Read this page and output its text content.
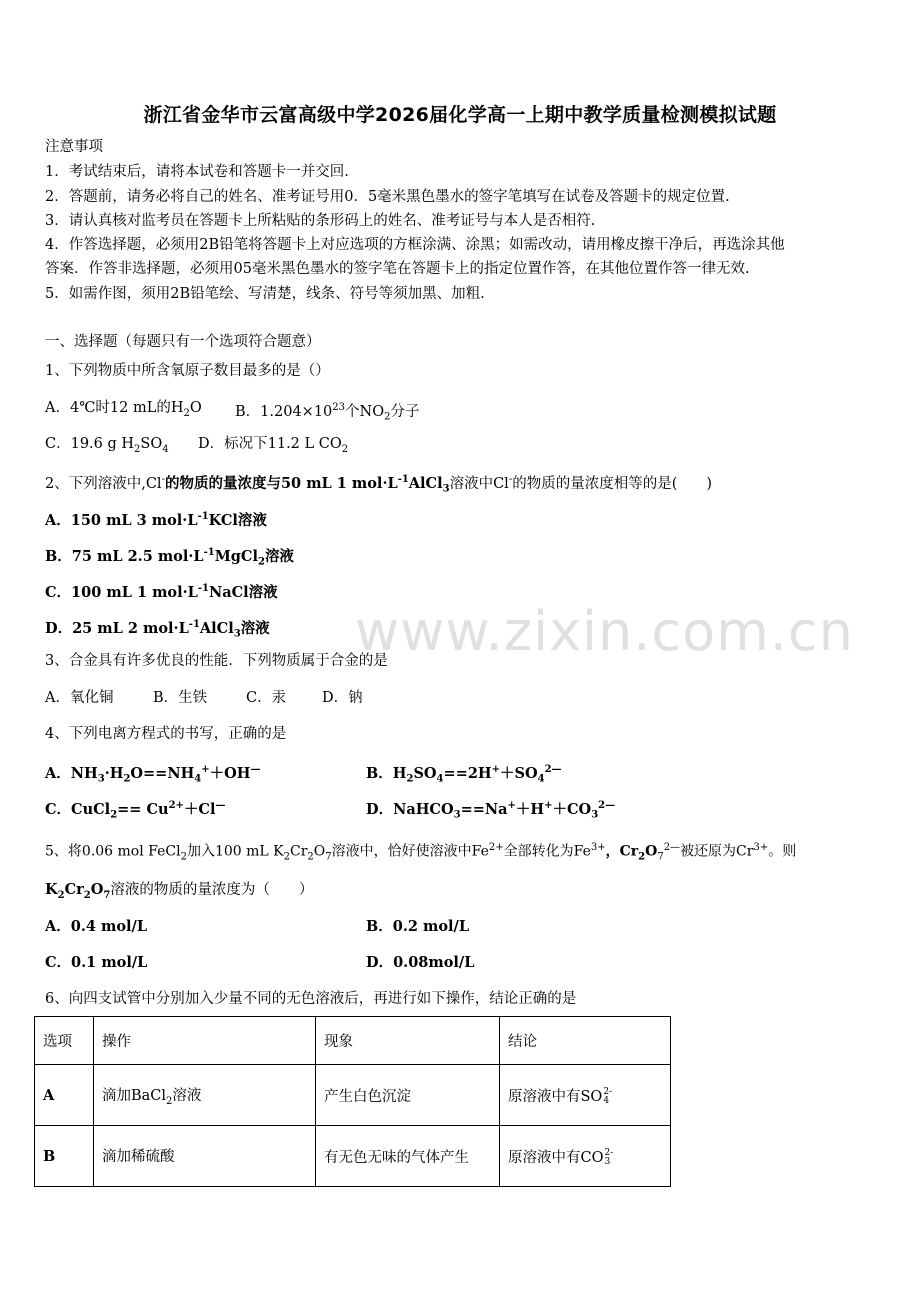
浙江省金华市云富高级中学2026届化学高一上期中教学质量检测模拟试题
注意事项
1．考试结束后，请将本试卷和答题卡一并交回.
2．答题前，请务必将自己的姓名、准考证号用0．5毫米黑色墨水的签字笔填写在试卷及答题卡的规定位置.
3．请认真核对监考员在答题卡上所粘贴的条形码上的姓名、准考证号与本人是否相符.
4．作答选择题，必须用2B铅笔将答题卡上对应选项的方框涂满、涂黑；如需改动，请用橡皮擦干净后，再选涂其他
答案．作答非选择题，必须用05毫米黑色墨水的签字笔在答题卡上的指定位置作答，在其他位置作答一律无效.
5．如需作图，须用2B铅笔绘、写清楚，线条、符号等须加黑、加粗.
一、选择题（每题只有一个选项符合题意）
www.zixin.com.cn
1、下列物质中所含氧原子数目最多的是（）
A．4℃时12 mL的$H_2O$ B．$1.204\times 10^{23}$个$NO_2$分子
C．19.6 g $H_2SO_4$ D．标况下11.2 L $CO_2$
2、下列溶液中,Cl-的物质的量浓度与50 mL 1 $mol\cdot L^{-1}AlCl_3$溶液中Cl-的物质的量浓度相等的是(　　)
A．150 mL 3 $mol\cdot L^{-1}KCl$溶液
B．75 mL 2.5 $mol\cdot L^{-1}MgCl_2$溶液
C．100 mL 1 $mol\cdot L^{-1}NaCl$溶液
D．25 mL 2 $mol\cdot L^{-1}AlCl_3$溶液
3、合金具有许多优良的性能．下列物质属于合金的是
A．氧化铜	B．生铁	C．汞 D．钠
4、下列电离方程式的书写，正确的是
A．$NH_3\cdot H_2O==NH_4^++OH^—$	B．$H_2SO_4==2H^++SO_4^{2—}$
C．CuCl$_2$== $Cu^{2+}+Cl^—$	D．$NaHCO_3==Na^++H^++CO_3^{2—}$
5、将0.06 mol FeCl$_2$加入100 mL $K_2Cr_2O_7$溶液中，恰好使溶液中$Fe^{2+}$全部转化为$Fe^{3+}$，$Cr_2O_7^{2—}$被还原为$Cr^{3+}$。则
$K_2Cr_2O_7$溶液的物质的量浓度为（　　）
A．0.4 mol/L	B．0.2 mol/L
C．0.1 mol/L	D．0.08mol/L
6、向四支试管中分别加入少量不同的无色溶液后，再进行如下操作，结论正确的是
选项	操作	现象	结论
A	滴加BaCl$_2$溶液	产生白色沉淀	原溶液中有SO 2-
4

B	滴加稀硫酸	有无色无味的气体产生	原溶液中有CO 2-
3
